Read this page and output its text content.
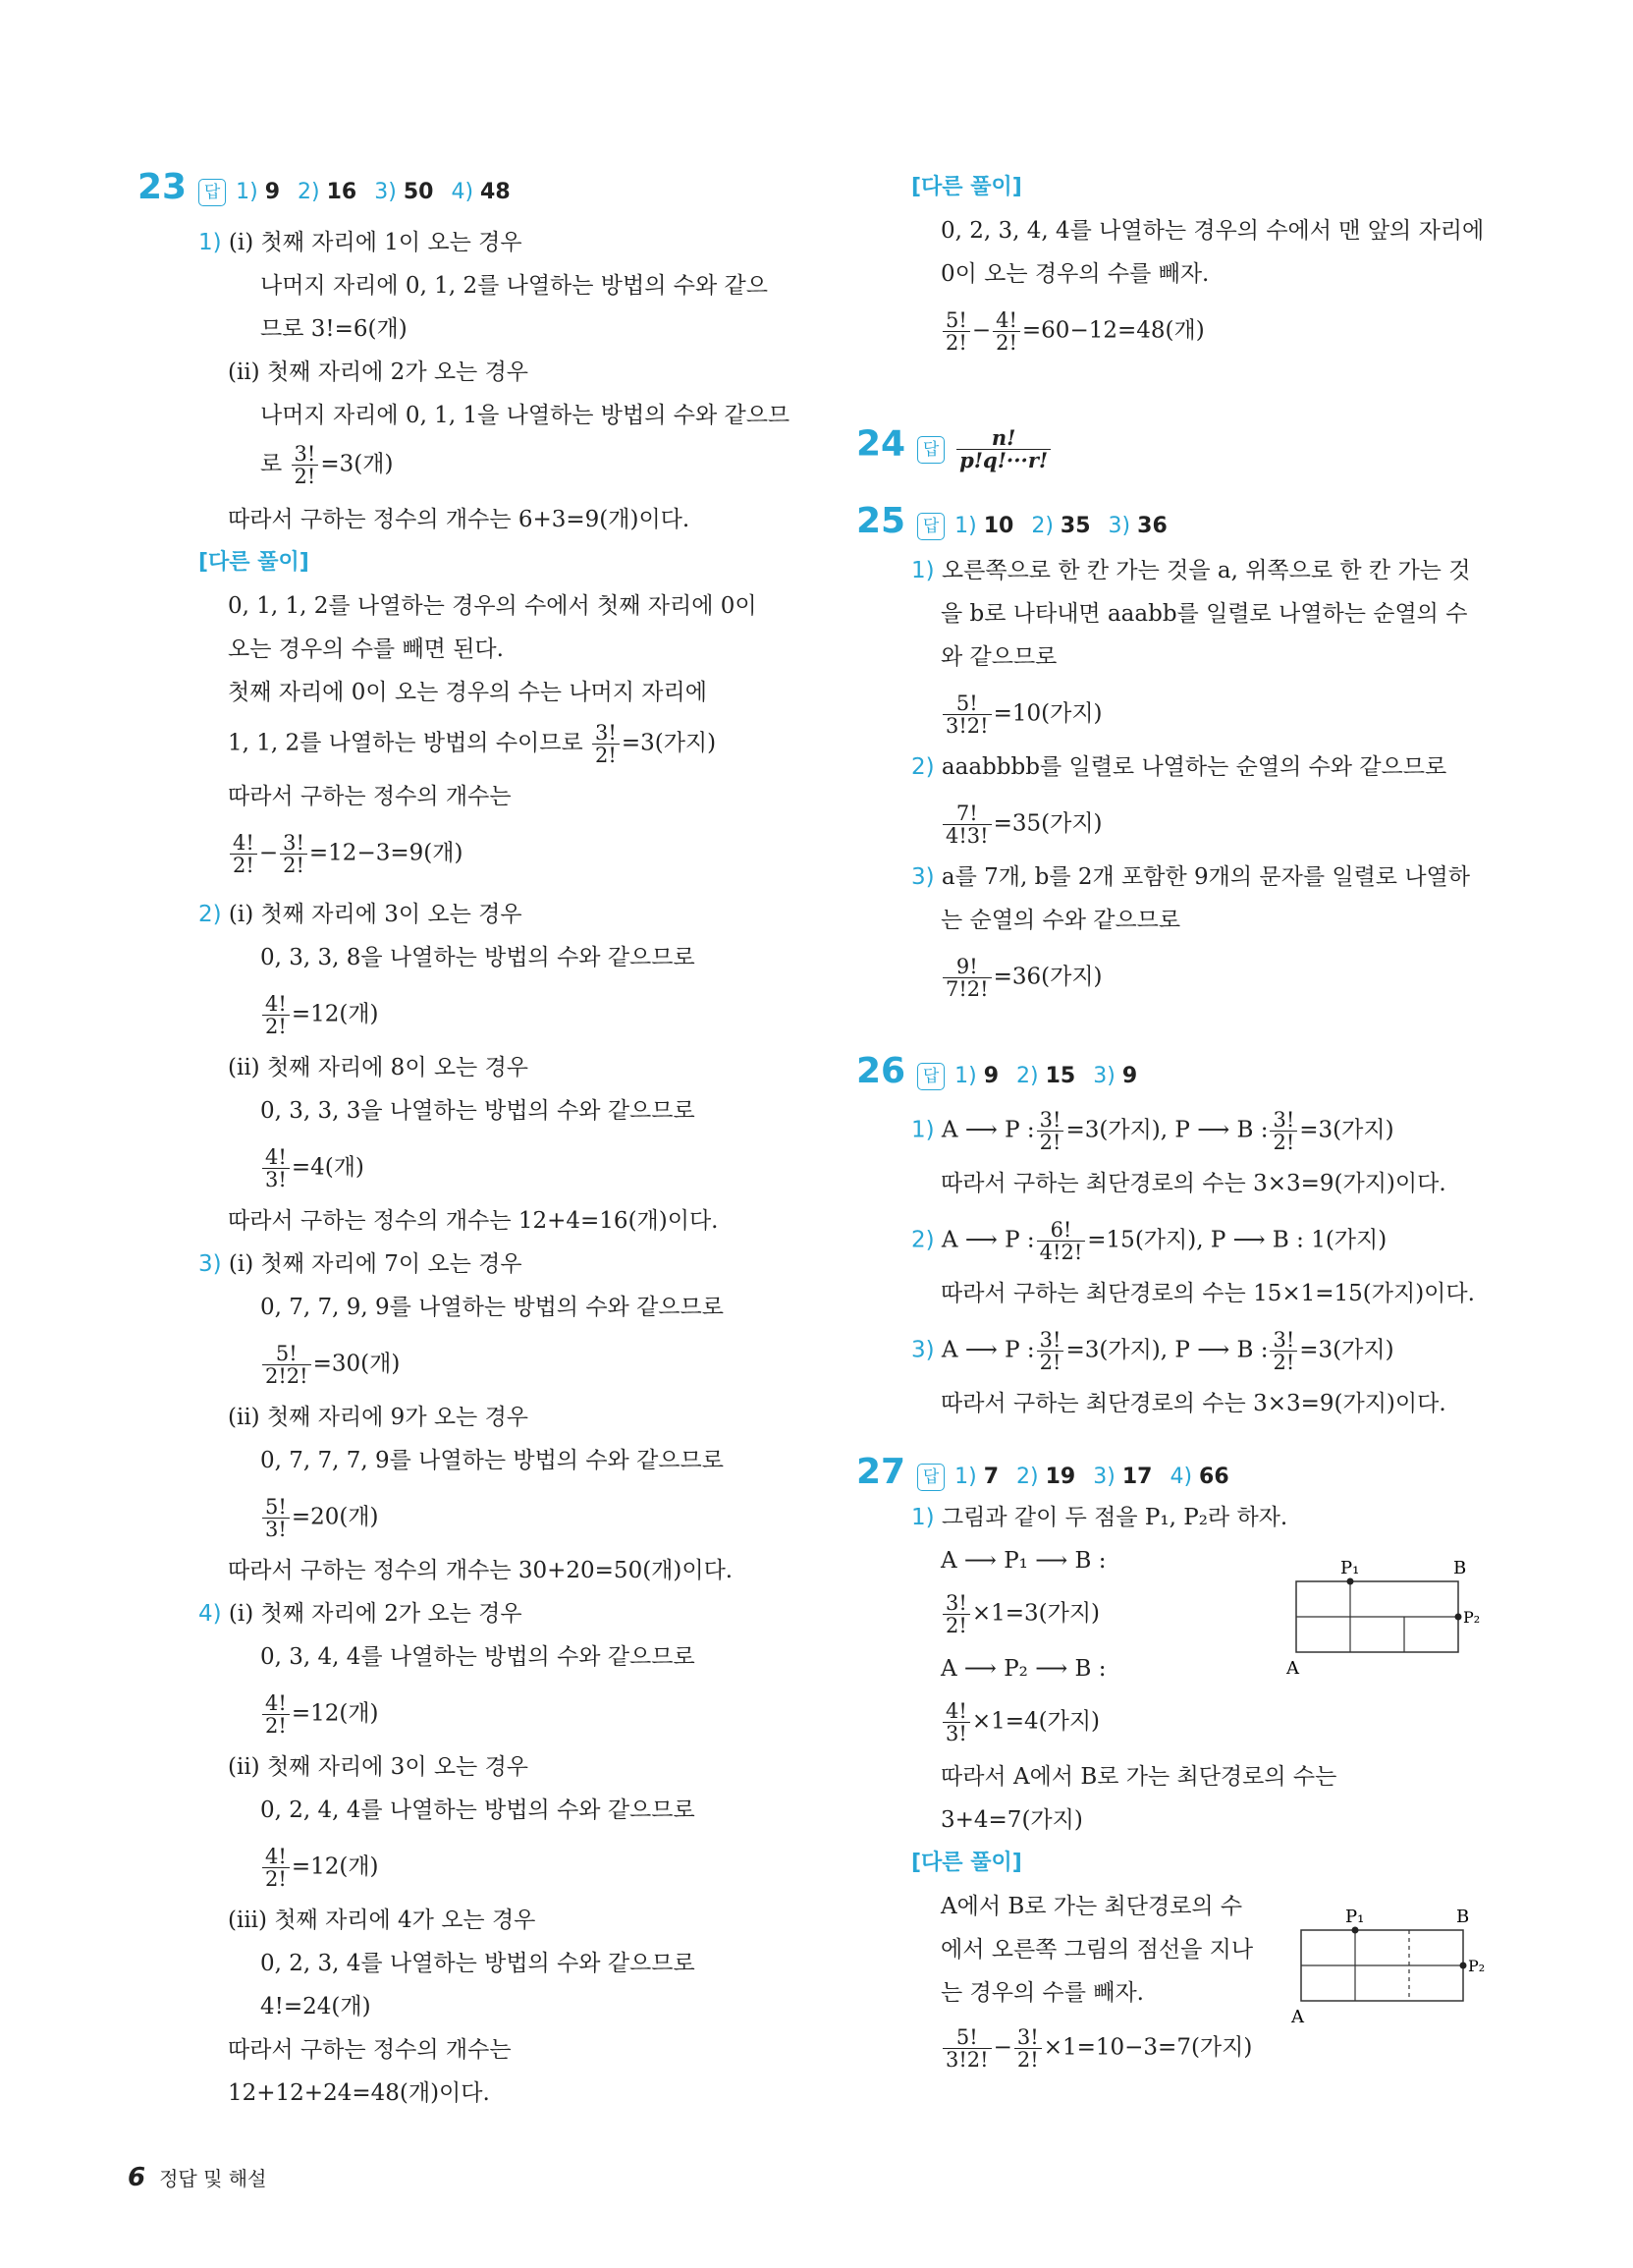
23 답 1) 9 2) 16 3) 50 4) 48
1) (i) 첫째 자리에 1이 오는 경우
나머지 자리에 0, 1, 2를 나열하는 방법의 수와 같으
므로 3!=6(개)
(ii) 첫째 자리에 2가 오는 경우
나머지 자리에 0, 1, 1을 나열하는 방법의 수와 같으므
로 $\frac{3!}{2!} =3$(개)
따라서 구하는 정수의 개수는 6+3=9(개)이다.
[다른 풀이]
0, 1, 1, 2를 나열하는 경우의 수에서 첫째 자리에 0이
오는 경우의 수를 빼면 된다.
첫째 자리에 0이 오는 경우의 수는 나머지 자리에
1, 1, 2를 나열하는 방법의 수이므로 $\frac{3!}{2!} =3$(가지)
따라서 구하는 정수의 개수는
$\frac{4!}{2!} - \frac{3!}{2!} =12-3=9$(개)
2) (i) 첫째 자리에 3이 오는 경우
0, 3, 3, 8을 나열하는 방법의 수와 같으므로
$\frac{4!}{2!} =12$(개)
(ii) 첫째 자리에 8이 오는 경우
0, 3, 3, 3을 나열하는 방법의 수와 같으므로
$\frac{4!}{3!} =4$(개)
따라서 구하는 정수의 개수는 12+4=16(개)이다.
3) (i) 첫째 자리에 7이 오는 경우
0, 7, 7, 9, 9를 나열하는 방법의 수와 같으므로
$\frac{5!}{2!2!} =30$(개)
(ii) 첫째 자리에 9가 오는 경우
0, 7, 7, 7, 9를 나열하는 방법의 수와 같으므로
$\frac{5!}{3!} =20$(개)
따라서 구하는 정수의 개수는 30+20=50(개)이다.
4) (i) 첫째 자리에 2가 오는 경우
0, 3, 4, 4를 나열하는 방법의 수와 같으므로
$\frac{4!}{2!} =12$(개)
(ii) 첫째 자리에 3이 오는 경우
0, 2, 4, 4를 나열하는 방법의 수와 같으므로
$\frac{4!}{2!} =12$(개)
(iii) 첫째 자리에 4가 오는 경우
0, 2, 3, 4를 나열하는 방법의 수와 같으므로
4!=24(개)
따라서 구하는 정수의 개수는
12+12+24=48(개)이다.
[다른 풀이]
0, 2, 3, 4, 4를 나열하는 경우의 수에서 맨 앞의 자리에
0이 오는 경우의 수를 빼자.
$\frac{5!}{2!} - \frac{4!}{2!} =60-12=48$(개)
24 답 $\frac{n!}{p!q!\cdot\cdot\cdot r!}$
25 답 1) 10 2) 35 3) 36
1) 오른쪽으로 한 칸 가는 것을 a, 위쪽으로 한 칸 가는 것
을 b로 나타내면 aaabb를 일렬로 나열하는 순열의 수
와 같으므로
$\frac{5!}{3!2!} =10$(가지)
2) aaabbbb를 일렬로 나열하는 순열의 수와 같으므로
$\frac{7!}{4!3!} =35$(가지)
3) a를 7개, b를 2개 포함한 9개의 문자를 일렬로 나열하
는 순열의 수와 같으므로
$\frac{9!}{7!2!} =36$(가지)
26 답 1) 9 2) 15 3) 9
1) A ⟶ P : $\frac{3!}{2!} =3$(가지), P ⟶ B : $\frac{3!}{2!} =3$(가지)
따라서 구하는 최단경로의 수는 3×3=9(가지)이다.
2) A ⟶ P : $\frac{6!}{4!2!} =15$(가지), P ⟶ B : 1(가지)
따라서 구하는 최단경로의 수는 15×1=15(가지)이다.
3) A ⟶ P : $\frac{3!}{2!} =3$(가지), P ⟶ B : $\frac{3!}{2!} =3$(가지)
따라서 구하는 최단경로의 수는 3×3=9(가지)이다.
27 답 1) 7 2) 19 3) 17 4) 66
1) 그림과 같이 두 점을 P₁, P₂라 하자.
A ⟶ P₁ ⟶ B :
$\frac{3!}{2!} \times 1=3$(가지)
A ⟶ P₂ ⟶ B :
$\frac{4!}{3!} \times 1=4$(가지)
따라서 A에서 B로 가는 최단경로의 수는
3+4=7(가지)
[다른 풀이]
A에서 B로 가는 최단경로의 수
에서 오른쪽 그림의 점선을 지나
는 경우의 수를 빼자.
$\frac{5!}{3!2!} - \frac{3!}{2!} \times 1=10-3=7$(가지)
P₁	B
P₂
A
P₁	B
P₂
A
6 정답 및 해설
